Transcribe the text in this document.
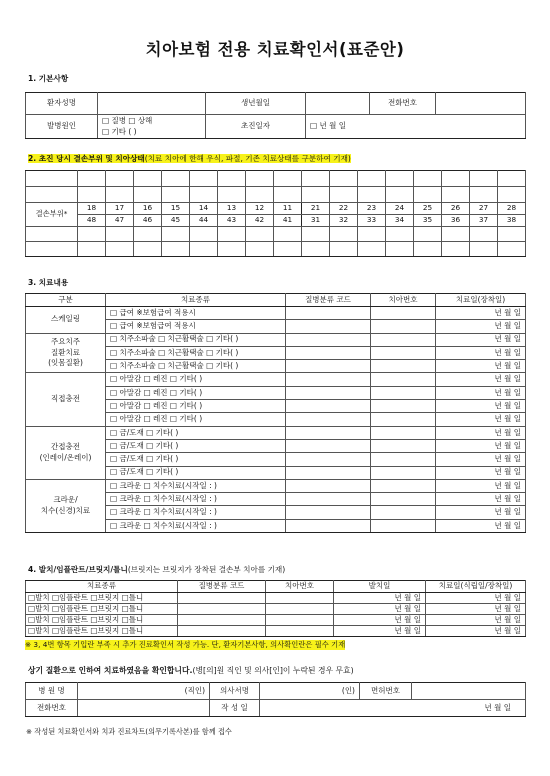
치아보험 전용 치료확인서(표준안)
1. 기본사항
환자성명		생년월일		전화번호	
발병원인	□ 질병 □ 상해
□ 기타 ( )	초진일자	□ 년 월 일		
2. 초진 당시 결손부위 및 치아상태(치료 치아에 한해 우식, 파절, 기존 치료상태를 구분하여 기재)

결손부위*	18	17	16	15	14	13	12	11	21	22	23	24	25	26	27	28
	48	47	46	45	44	43	42	41	31	32	33	34	35	36	37	38

3. 치료내용
구분	치료종류	질병분류 코드	치아번호	치료일(장착일)
스케일링	□ 급여 ※보험급여 적용시			년 월 일
	□ 급여 ※보험급여 적용시			년 월 일
주요치주
질환치료
(잇몸질환)	□ 치주소파술 □ 치근활택술 □ 기타( )			년 월 일
	□ 치주소파술 □ 치근활택술 □ 기타( )			년 월 일
	□ 치주소파술 □ 치근활택술 □ 기타( )			년 월 일
직접충전	□ 아말감 □ 레진 □ 기타( )			년 월 일
	□ 아말감 □ 레진 □ 기타( )			년 월 일
	□ 아말감 □ 레진 □ 기타( )			년 월 일
	□ 아말감 □ 레진 □ 기타( )			년 월 일
간접충전
(인레이/온레이)	□ 금/도재 □ 기타( )			년 월 일
	□ 금/도재 □ 기타( )			년 월 일
	□ 금/도재 □ 기타( )			년 월 일
	□ 금/도재 □ 기타( )			년 월 일
크라운/
치수(신경)치료	□ 크라운 □ 치수치료(시작일 : )			년 월 일
	□ 크라운 □ 치수치료(시작일 : )			년 월 일
	□ 크라운 □ 치수치료(시작일 : )			년 월 일
	□ 크라운 □ 치수치료(시작일 : )			년 월 일
4. 발치/임플란트/브릿지/틀니(브릿지는 브릿지가 장착된 결손부 치아를 기재)
치료종류	질병분류 코드	치아번호	발치일	치료일(식립일/장착일)
□발치 □임플란트 □브릿지 □틀니			년 월 일	년 월 일
□발치 □임플란트 □브릿지 □틀니			년 월 일	년 월 일
□발치 □임플란트 □브릿지 □틀니			년 월 일	년 월 일
□발치 □임플란트 □브릿지 □틀니			년 월 일	년 월 일
※ 3, 4번 항목 기입란 부족 시 추가 진료확인서 작성 가능. 단, 환자기본사항, 의사확인란은 필수 기재
상기 질환으로 인하여 치료하였음을 확인합니다.(병[의]원 직인 및 의사[인]이 누락된 경우 무효)
병 원 명	(직인)	의사서명	(인)	면허번호	
전화번호		작 성 일	년 월 일		
※ 작성된 치료확인서와 치과 진료차트(의무기록사본)를 함께 접수
